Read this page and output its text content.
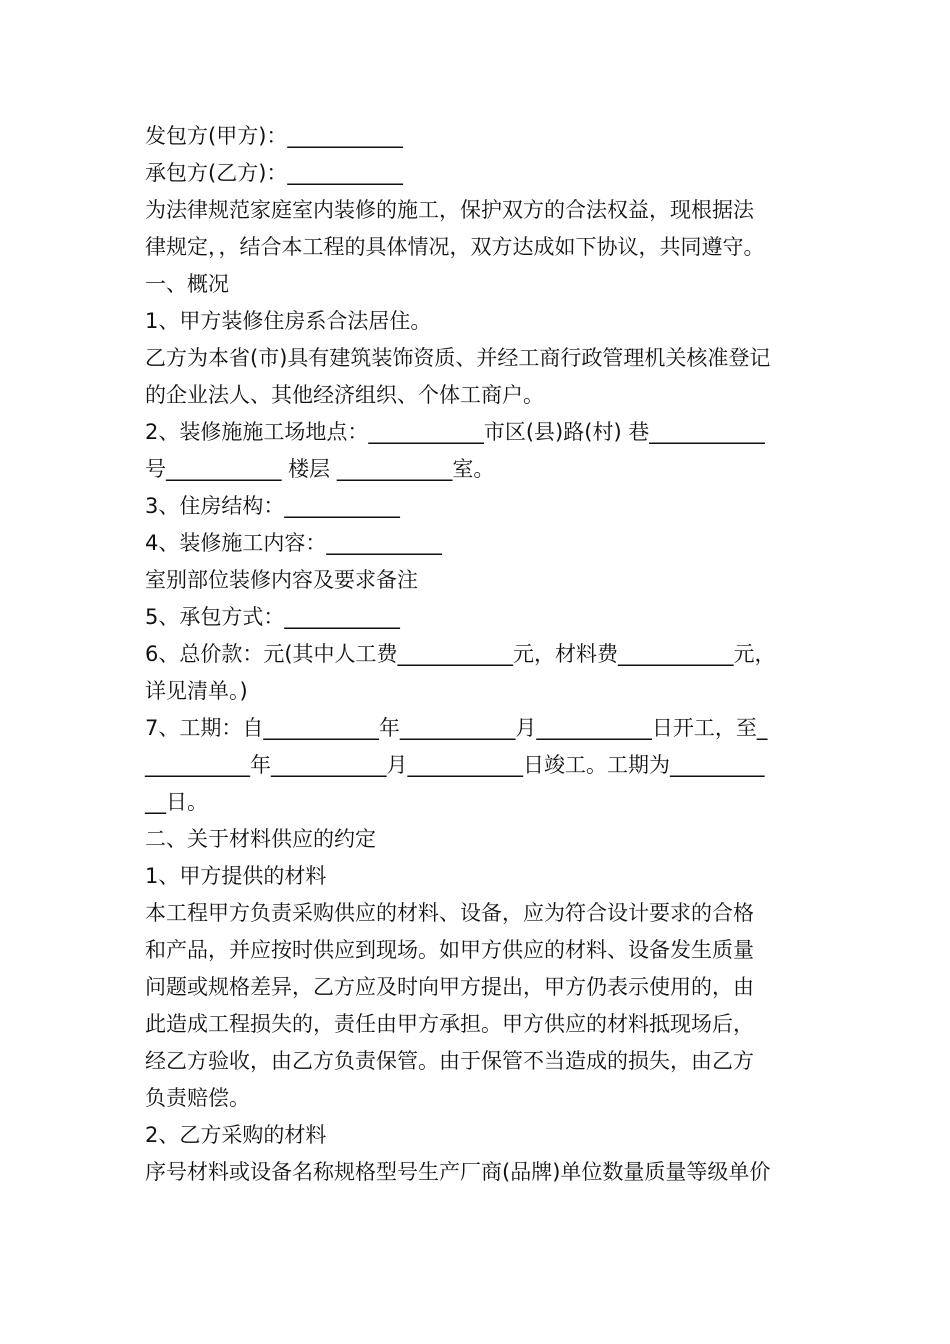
发包方(甲方)：___________
承包方(乙方)：___________
为法律规范家庭室内装修的施工，保护双方的合法权益，现根据法
律规定，，结合本工程的具体情况，双方达成如下协议，共同遵守。
一、概况
1、甲方装修住房系合法居住。
乙方为本省(市)具有建筑装饰资质、并经工商行政管理机关核准登记
的企业法人、其他经济组织、个体工商户。
2、装修施施工场地点：___________市区(县)路(村) 巷___________
号___________ 楼层 ___________室。
3、住房结构：___________
4、装修施工内容：___________
室别部位装修内容及要求备注
5、承包方式：___________
6、总价款：元(其中人工费___________元，材料费___________元，
详见清单。)
7、工期：自___________年___________月___________日开工，至_
__________年___________月___________日竣工。工期为_________
__日。
二、关于材料供应的约定
1、甲方提供的材料
本工程甲方负责采购供应的材料、设备，应为符合设计要求的合格
和产品，并应按时供应到现场。如甲方供应的材料、设备发生质量
问题或规格差异，乙方应及时向甲方提出，甲方仍表示使用的，由
此造成工程损失的，责任由甲方承担。甲方供应的材料抵现场后，
经乙方验收，由乙方负责保管。由于保管不当造成的损失，由乙方
负责赔偿。
2、乙方采购的材料
序号材料或设备名称规格型号生产厂商(品牌)单位数量质量等级单价
